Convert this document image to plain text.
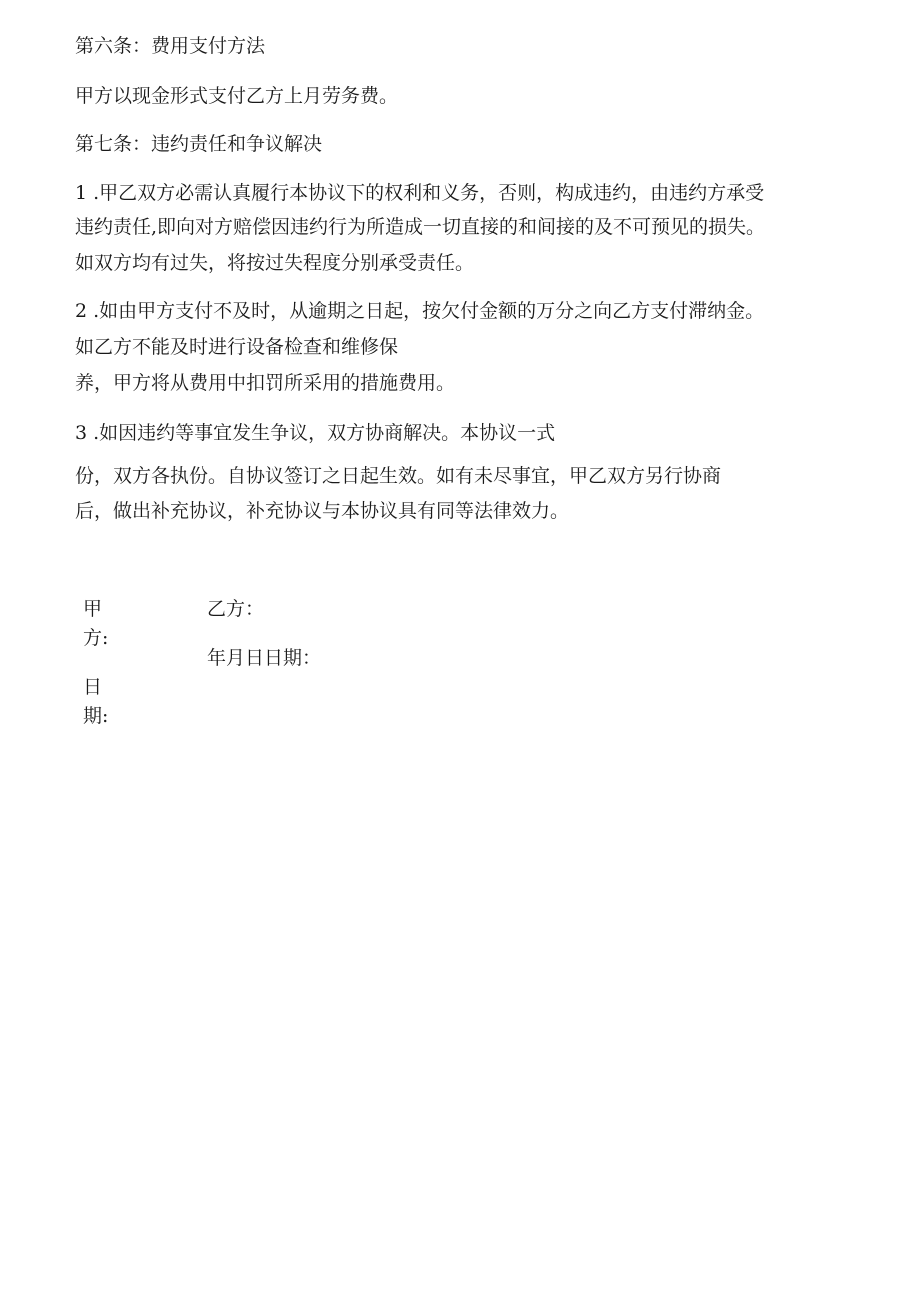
第六条：费用支付方法
甲方以现金形式支付乙方上月劳务费。
第七条：违约责任和争议解决
1 .甲乙双方必需认真履行本协议下的权利和义务，否则，构成违约，由违约方承受
违约责任,即向对方赔偿因违约行为所造成一切直接的和间接的及不可预见的损失。
如双方均有过失，将按过失程度分别承受责任。
2 .如由甲方支付不及时，从逾期之日起，按欠付金额的万分之向乙方支付滞纳金。
如乙方不能及时进行设备检查和维修保
养，甲方将从费用中扣罚所采用的措施费用。
3 .如因违约等事宜发生争议，双方协商解决。本协议一式
份，双方各执份。自协议签订之日起生效。如有未尽事宜，甲乙双方另行协商
后，做出补充协议，补充协议与本协议具有同等法律效力。
甲
方:
日
期:
乙方：
年月日日期：
